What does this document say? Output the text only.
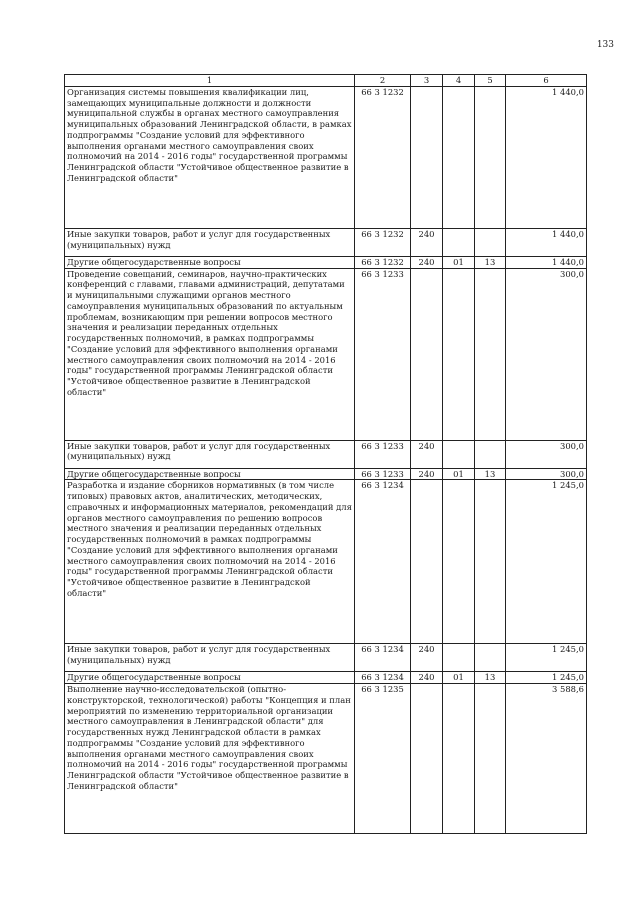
133
1	2	3	4	5	6
Организация системы повышения квалификации лиц, замещающих муниципальные должности и должности муниципальной службы в органах местного самоуправления муниципальных образований Ленинградской области, в рамках подпрограммы "Создание условий для эффективного выполнения органами местного самоуправления своих полномочий на 2014 - 2016 годы" государственной программы Ленинградской области "Устойчивое общественное развитие в Ленинградской области"	66 3 1232				1 440,0
Иные закупки товаров, работ и услуг для государственных (муниципальных) нужд	66 3 1232	240			1 440,0
Другие общегосударственные вопросы	66 3 1232	240	01	13	1 440,0
Проведение совещаний, семинаров, научно-практических конференций с главами, главами администраций, депутатами и муниципальными служащими органов местного самоуправления муниципальных образований по актуальным проблемам, возникающим при решении вопросов местного значения и реализации переданных отдельных государственных полномочий, в рамках подпрограммы "Создание условий для эффективного выполнения органами местного самоуправления своих полномочий на 2014 - 2016 годы" государственной программы Ленинградской области "Устойчивое общественное развитие в Ленинградской области"	66 3 1233				300,0
Иные закупки товаров, работ и услуг для государственных (муниципальных) нужд	66 3 1233	240			300,0
Другие общегосударственные вопросы	66 3 1233	240	01	13	300,0
Разработка и издание сборников нормативных (в том числе типовых) правовых актов, аналитических, методических, справочных и информационных материалов, рекомендаций для органов местного самоуправления по решению вопросов местного значения и реализации переданных отдельных государственных полномочий в рамках подпрограммы "Создание условий для эффективного выполнения органами местного самоуправления своих полномочий на 2014 - 2016 годы" государственной программы Ленинградской области "Устойчивое общественное развитие в Ленинградской области"	66 3 1234				1 245,0
Иные закупки товаров, работ и услуг для государственных (муниципальных) нужд	66 3 1234	240			1 245,0
Другие общегосударственные вопросы	66 3 1234	240	01	13	1 245,0
Выполнение научно-исследовательской (опытно-конструкторской, технологической) работы "Концепция и план мероприятий по изменению территориальной организации местного самоуправления в Ленинградской области" для государственных нужд Ленинградской области в рамках подпрограммы "Создание условий для эффективного выполнения органами местного самоуправления своих полномочий на 2014 - 2016 годы" государственной программы Ленинградской области "Устойчивое общественное развитие в Ленинградской области"	66 3 1235				3 588,6
